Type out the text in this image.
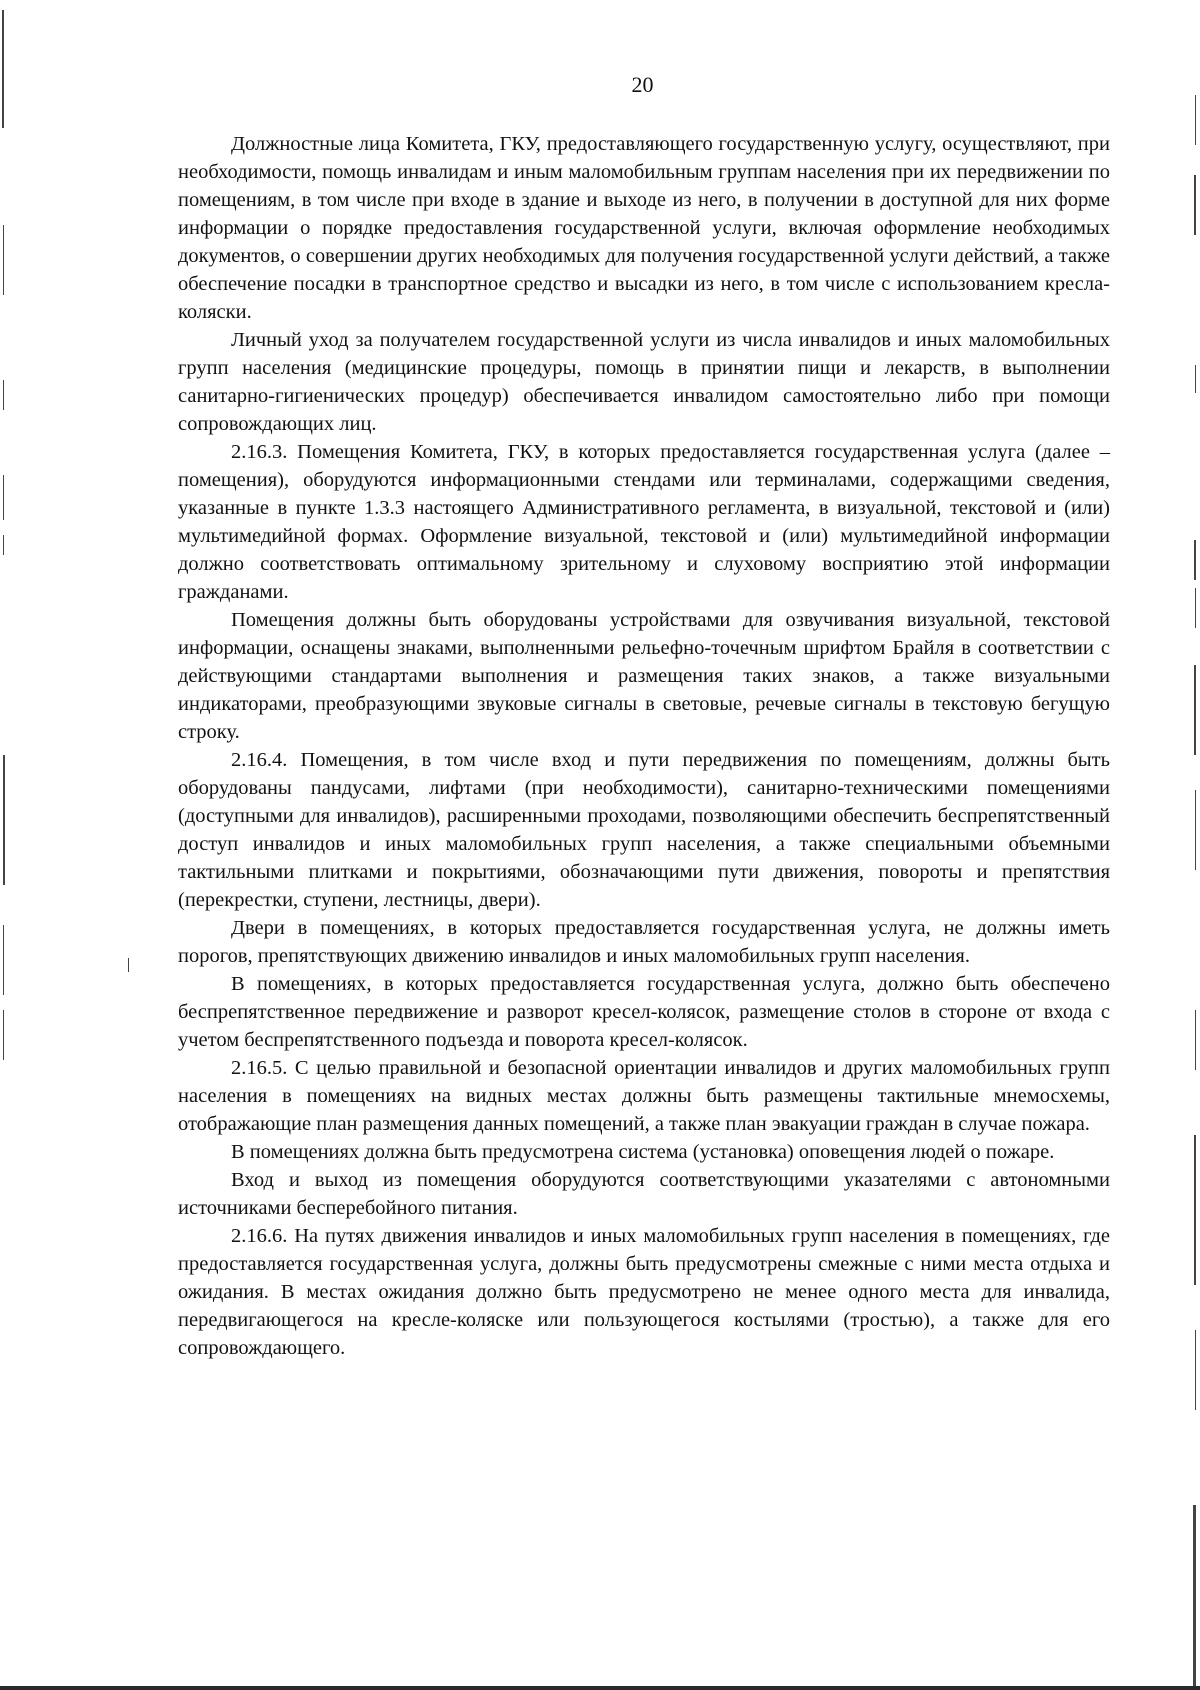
20

Должностные лица Комитета, ГКУ, предоставляющего государственную услугу, осуществляют, при необходимости, помощь инвалидам и иным маломобильным группам населения при их передвижении по помещениям, в том числе при входе в здание и выходе из него, в получении в доступной для них форме информации о порядке предоставления государственной услуги, включая оформление необходимых документов, о совершении других необходимых для получения государственной услуги действий, а также обеспечение посадки в транспортное средство и высадки из него, в том числе с использованием кресла-коляски.

Личный уход за получателем государственной услуги из числа инвалидов и иных маломобильных групп населения (медицинские процедуры, помощь в принятии пищи и лекарств, в выполнении санитарно-гигиенических процедур) обеспечивается инвалидом самостоятельно либо при помощи сопровождающих лиц.

2.16.3. Помещения Комитета, ГКУ, в которых предоставляется государственная услуга (далее – помещения), оборудуются информационными стендами или терминалами, содержащими сведения, указанные в пункте 1.3.3 настоящего Административного регламента, в визуальной, текстовой и (или) мультимедийной формах. Оформление визуальной, текстовой и (или) мультимедийной информации должно соответствовать оптимальному зрительному и слуховому восприятию этой информации гражданами.

Помещения должны быть оборудованы устройствами для озвучивания визуальной, текстовой информации, оснащены знаками, выполненными рельефно-точечным шрифтом Брайля в соответствии с действующими стандартами выполнения и размещения таких знаков, а также визуальными индикаторами, преобразующими звуковые сигналы в световые, речевые сигналы в текстовую бегущую строку.

2.16.4. Помещения, в том числе вход и пути передвижения по помещениям, должны быть оборудованы пандусами, лифтами (при необходимости), санитарно-техническими помещениями (доступными для инвалидов), расширенными проходами, позволяющими обеспечить беспрепятственный доступ инвалидов и иных маломобильных групп населения, а также специальными объемными тактильными плитками и покрытиями, обозначающими пути движения, повороты и препятствия (перекрестки, ступени, лестницы, двери).

Двери в помещениях, в которых предоставляется государственная услуга, не должны иметь порогов, препятствующих движению инвалидов и иных маломобильных групп населения.

В помещениях, в которых предоставляется государственная услуга, должно быть обеспечено беспрепятственное передвижение и разворот кресел-колясок, размещение столов в стороне от входа с учетом беспрепятственного подъезда и поворота кресел-колясок.

2.16.5. С целью правильной и безопасной ориентации инвалидов и других маломобильных групп населения в помещениях на видных местах должны быть размещены тактильные мнемосхемы, отображающие план размещения данных помещений, а также план эвакуации граждан в случае пожара.

В помещениях должна быть предусмотрена система (установка) оповещения людей о пожаре.

Вход и выход из помещения оборудуются соответствующими указателями с автономными источниками бесперебойного питания.

2.16.6. На путях движения инвалидов и иных маломобильных групп населения в помещениях, где предоставляется государственная услуга, должны быть предусмотрены смежные с ними места отдыха и ожидания. В местах ожидания должно быть предусмотрено не менее одного места для инвалида, передвигающегося на кресле-коляске или пользующегося костылями (тростью), а также для его сопровождающего.
